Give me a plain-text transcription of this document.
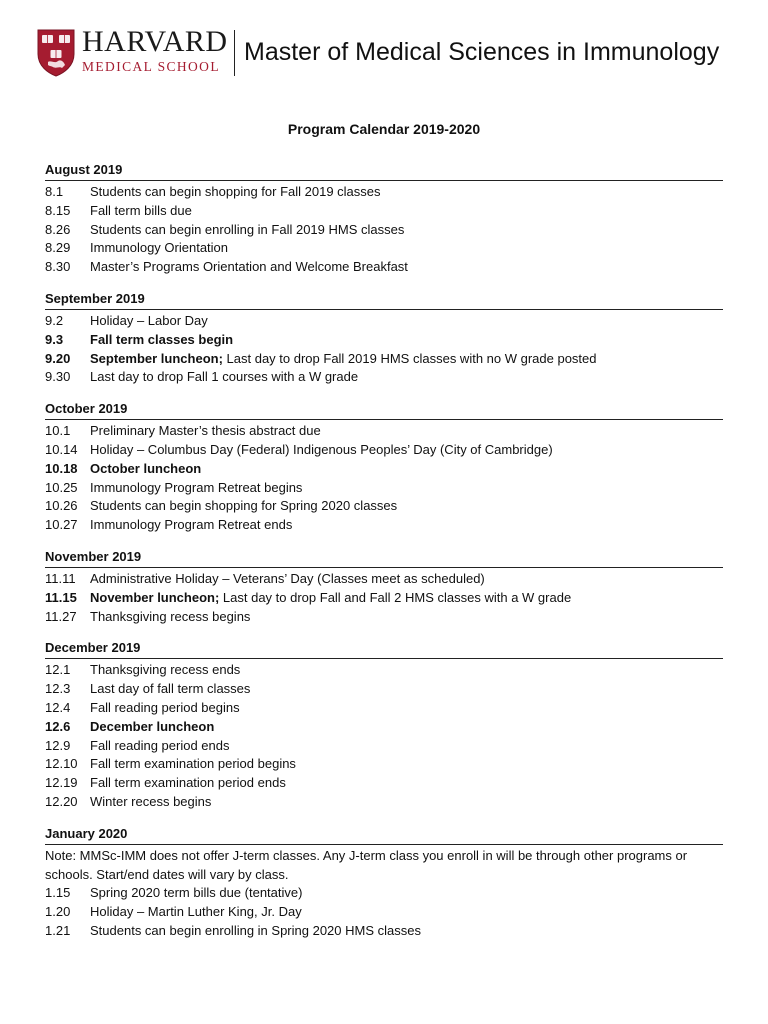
HARVARD
MEDICAL SCHOOL
Master of Medical Sciences in Immunology
Program Calendar 2019-2020
August 2019
8.1	Students can begin shopping for Fall 2019 classes
8.15	Fall term bills due
8.26	Students can begin enrolling in Fall 2019 HMS classes
8.29	Immunology Orientation
8.30	Master’s Programs Orientation and Welcome Breakfast
September 2019
9.2	Holiday – Labor Day
9.3	Fall term classes begin
9.20	September luncheon; Last day to drop Fall 2019 HMS classes with no W grade posted
9.30	Last day to drop Fall 1 courses with a W grade
October 2019
10.1	Preliminary Master’s thesis abstract due
10.14 Holiday – Columbus Day (Federal) Indigenous Peoples’ Day (City of Cambridge)
10.18 October luncheon
10.25 Immunology Program Retreat begins
10.26 Students can begin shopping for Spring 2020 classes
10.27 Immunology Program Retreat ends
November 2019
11.11	Administrative Holiday – Veterans’ Day (Classes meet as scheduled)
11.15	November luncheon; Last day to drop Fall and Fall 2 HMS classes with a W grade
11.27	Thanksgiving recess begins
December 2019
12.1	Thanksgiving recess ends
12.3	Last day of fall term classes
12.4	Fall reading period begins
12.6	December luncheon
12.9	Fall reading period ends
12.10 Fall term examination period begins
12.19 Fall term examination period ends
12.20 Winter recess begins
January 2020
Note: MMSc-IMM does not offer J-term classes. Any J-term class you enroll in will be through other programs or schools. Start/end dates will vary by class.
1.15	Spring 2020 term bills due (tentative)
1.20	Holiday – Martin Luther King, Jr. Day
1.21	Students can begin enrolling in Spring 2020 HMS classes
